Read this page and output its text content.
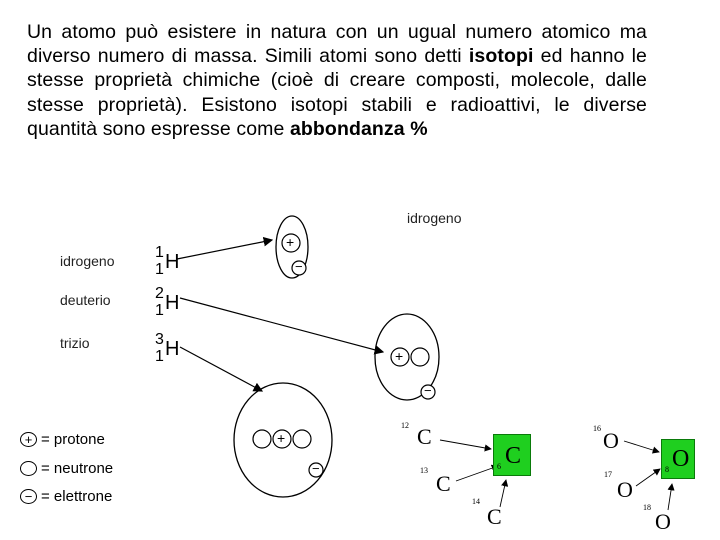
Un atomo può esistere in natura con un ugual numero atomico ma diverso numero di massa. Simili atomi sono detti isotopi ed hanno le stesse proprietà chimiche (cioè di creare composti, molecole, dalle stesse proprietà). Esistono isotopi stabili e radioattivi, le diverse quantità sono espresse come abbondanza %
+
−
+
−
+
−
idrogeno
idrogeno
deuterio
trizio
1
1 H
2
1 H
3
1 H
+ = protone
= neutrone
− = elettrone
12 C
13
C
14
C
6 C
16 O
17
O
18
O
8 O
